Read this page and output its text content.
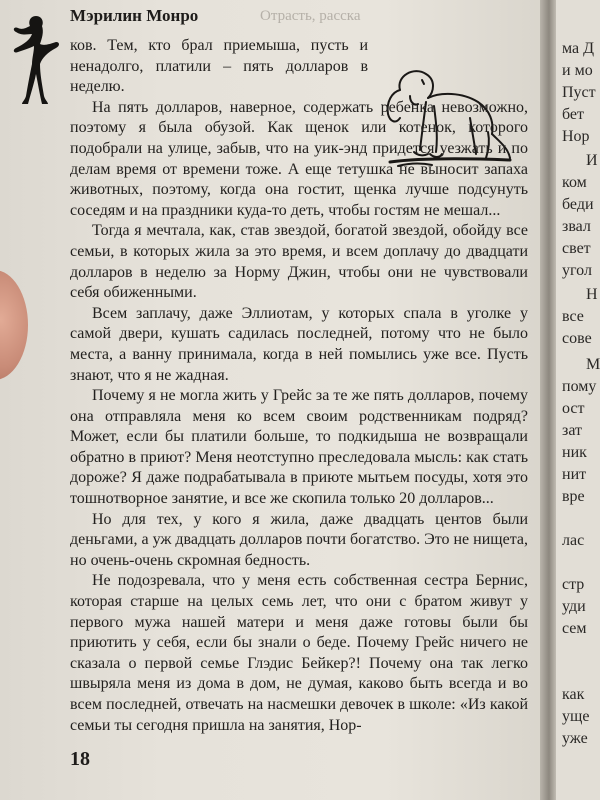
Мэрилин Монро	Отрасть, расска

ков. Тем, кто брал приемыша, пусть и ненадолго, платили – пять долларов в неделю.

На пять долларов, наверное, содержать ребенка невозможно, поэтому я была обузой. Как щенок или котенок, которого подобрали на улице, забыв, что на уик-энд придется уезжать и по делам время от времени тоже. А еще тетушка не выносит запаха животных, поэтому, когда она гостит, щенка лучше подсунуть соседям и на праздники куда-то деть, чтобы гостям не мешал...

Тогда я мечтала, как, став звездой, богатой звездой, обойду все семьи, в которых жила за это время, и всем доплачу до двадцати долларов в неделю за Норму Джин, чтобы они не чувствовали себя обиженными.

Всем заплачу, даже Эллиотам, у которых спала в уголке у самой двери, кушать садилась последней, потому что не было места, а ванну принимала, когда в ней помылись уже все. Пусть знают, что я не жадная.

Почему я не могла жить у Грейс за те же пять долларов, почему она отправляла меня ко всем своим родственникам подряд? Может, если бы платили больше, то подкидыша не возвращали обратно в приют? Меня неотступно преследовала мысль: как стать дороже? Я даже подрабатывала в приюте мытьем посуды, хотя это тошнотворное занятие, и все же скопила только 20 долларов...

Но для тех, у кого я жила, даже двадцать центов были деньгами, а уж двадцать долларов почти богатство. Это не нищета, но очень-очень скромная бедность.

Не подозревала, что у меня есть собственная сестра Бернис, которая старше на целых семь лет, что они с братом живут у первого мужа нашей матери и меня даже готовы были бы приютить у себя, если бы знали о беде. Почему Грейс ничего не сказала о первой семье Глэдис Бейкер?! Почему она так легко швыряла меня из дома в дом, не думая, каково быть всегда и во всем последней, отвечать на насмешки девочек в школе: «Из какой семьи ты сегодня пришла на занятия, Нор-

18
ма Д
и мо
Пуст
бет
Нор
И
ком
беди
звал
свет
угол
Н
все
сове
М
пому
ост
зат
ник
нит
вре
лас
стр
уди
сем
как
уще
уже
